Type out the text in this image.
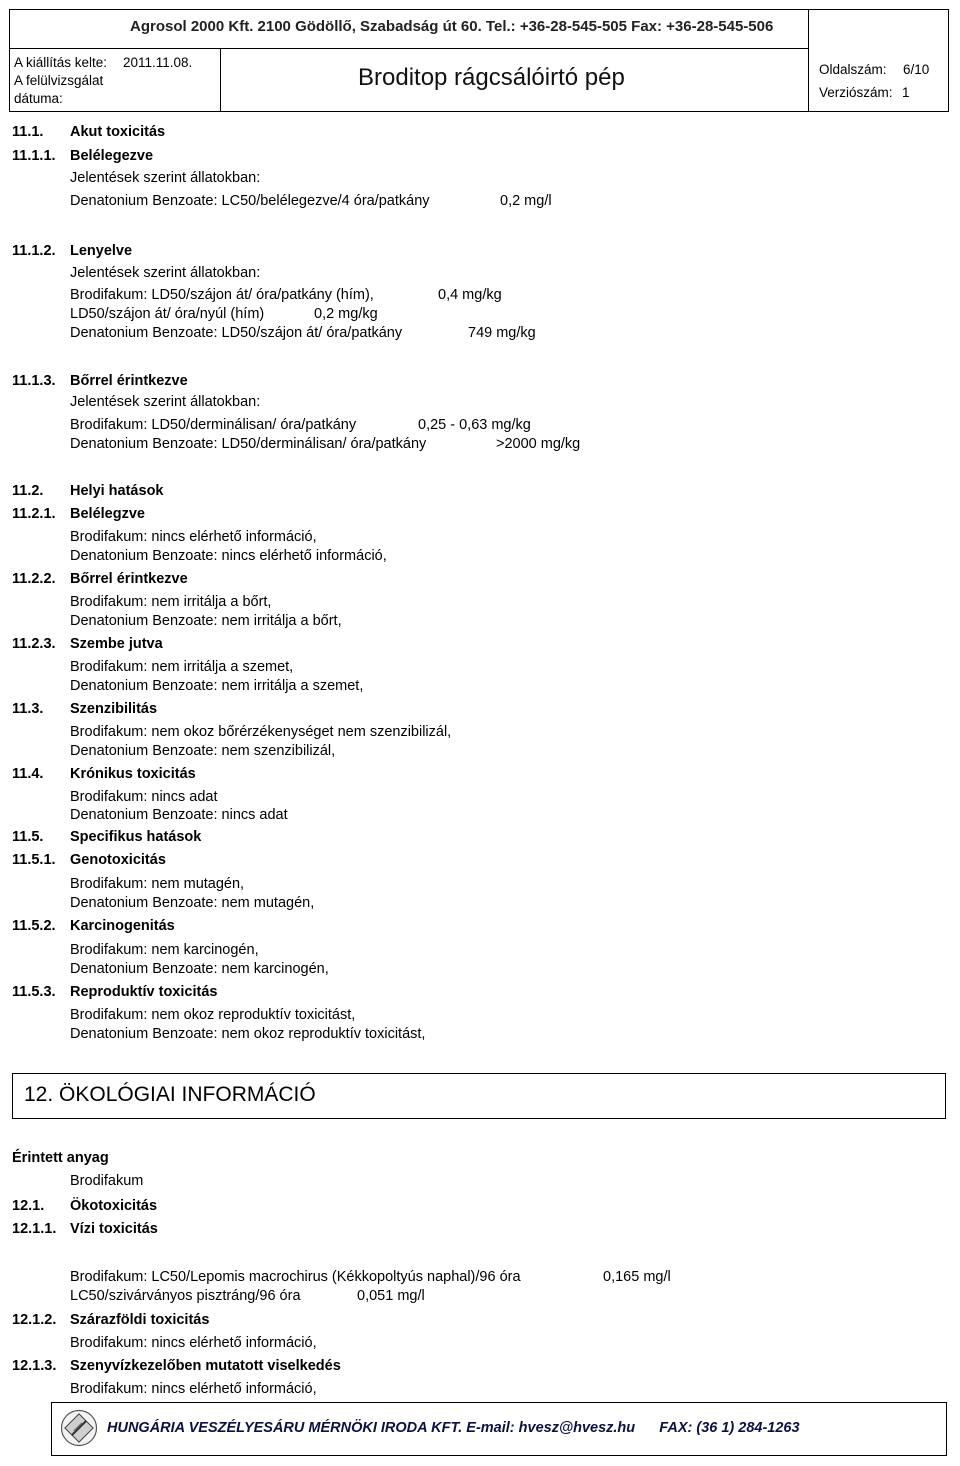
Agrosol 2000 Kft. 2100 Gödöllő, Szabadság út 60. Tel.: +36-28-545-505 Fax: +36-28-545-506
A kiállítás kelte: 2011.11.08.
A felülvizsgálat
dátuma:
Broditop rágcsálóirtó pép	Oldalszám: 6/10
Verziószám: 1
11.1. Akut toxicitás
11.1.1. Belélegezve
Jelentések szerint állatokban:
Denatonium Benzoate: LC50/belélegezve/4 óra/patkány	0,2 mg/l
11.1.2. Lenyelve
Jelentések szerint állatokban:
Brodifakum: LD50/szájon át/ óra/patkány (hím),	0,4 mg/kg
LD50/szájon át/ óra/nyúl (hím)	0,2 mg/kg
Denatonium Benzoate: LD50/szájon át/ óra/patkány	749 mg/kg
11.1.3. Bőrrel érintkezve
Jelentések szerint állatokban:
Brodifakum: LD50/derminálisan/ óra/patkány	0,25 - 0,63 mg/kg
Denatonium Benzoate: LD50/derminálisan/ óra/patkány	>2000 mg/kg
11.2. Helyi hatások
11.2.1. Belélegzve
Brodifakum: nincs elérhető információ,
Denatonium Benzoate: nincs elérhető információ,
11.2.2. Bőrrel érintkezve
Brodifakum: nem irritálja a bőrt,
Denatonium Benzoate: nem irritálja a bőrt,
11.2.3. Szembe jutva
Brodifakum: nem irritálja a szemet,
Denatonium Benzoate: nem irritálja a szemet,
11.3. Szenzibilitás
Brodifakum: nem okoz bőrérzékenységet nem szenzibilizál,
Denatonium Benzoate: nem szenzibilizál,
11.4. Krónikus toxicitás
Brodifakum: nincs adat
Denatonium Benzoate: nincs adat
11.5. Specifikus hatások
11.5.1. Genotoxicitás
Brodifakum: nem mutagén,
Denatonium Benzoate: nem mutagén,
11.5.2. Karcinogenitás
Brodifakum: nem karcinogén,
Denatonium Benzoate: nem karcinogén,
11.5.3. Reproduktív toxicitás
Brodifakum: nem okoz reproduktív toxicitást,
Denatonium Benzoate: nem okoz reproduktív toxicitást,
12. ÖKOLÓGIAI INFORMÁCIÓ
Érintett anyag
Brodifakum
12.1. Ökotoxicitás
12.1.1. Vízi toxicitás
Brodifakum: LC50/Lepomis macrochirus (Kékkopoltyús naphal)/96 óra	0,165 mg/l
LC50/szivárványos pisztráng/96 óra	0,051 mg/l
12.1.2. Szárazföldi toxicitás
Brodifakum: nincs elérhető információ,
12.1.3. Szenyvízkezelőben mutatott viselkedés
Brodifakum: nincs elérhető információ,
HUNGÁRIA VESZÉLYESÁRU MÉRNÖKI IRODA KFT. E-mail: hvesz@hvesz.hu      FAX: (36 1) 284-1263
